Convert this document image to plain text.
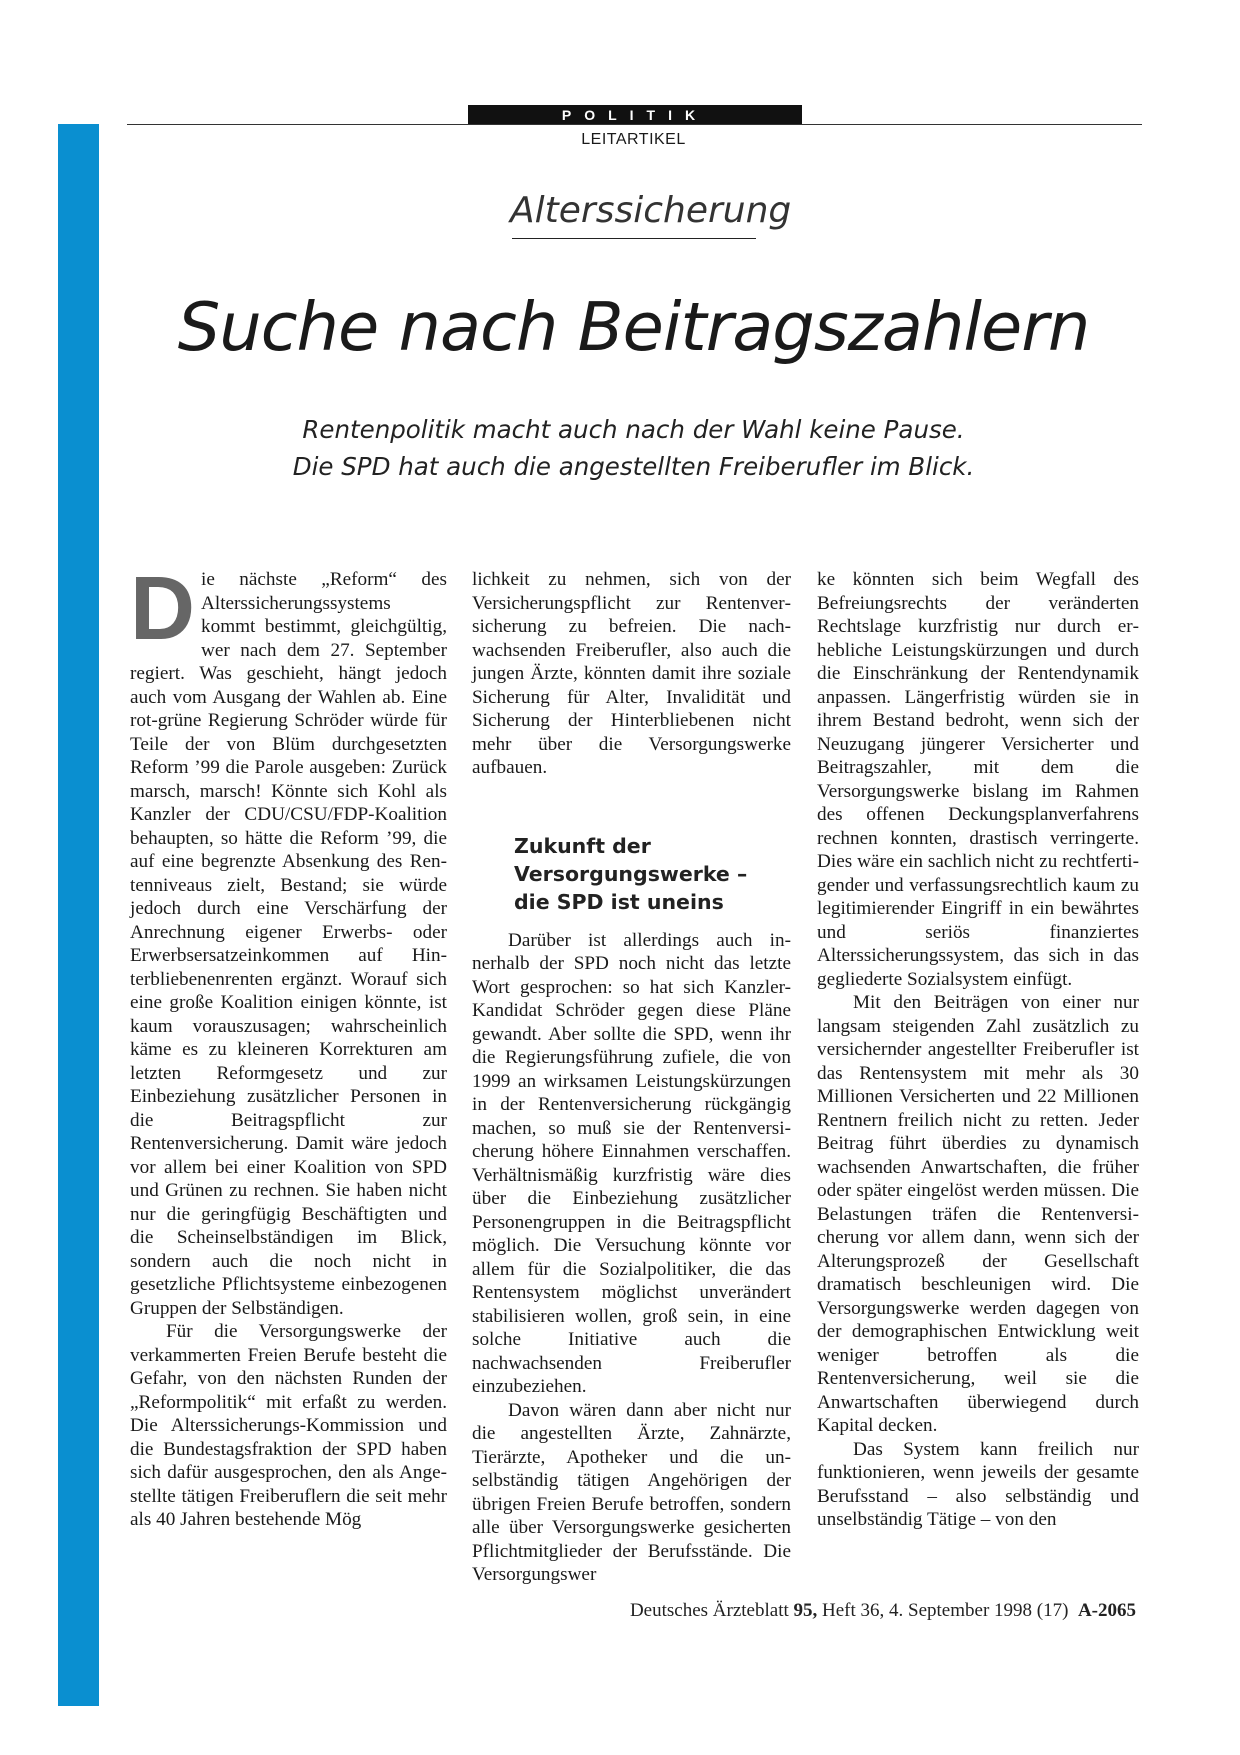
POLITIK
LEITARTIKEL
Alterssicherung
Suche nach Beitragszahlern
Rentenpolitik macht auch nach der Wahl keine Pause.
Die SPD hat auch die angestellten Freiberufler im Blick.

Die nächste „Reform“ des Alterssicherungssystems kommt bestimmt, gleichgültig, wer nach dem 27. September regiert. Was geschieht, hängt jedoch auch vom Ausgang der Wahlen ab. Eine rot-grüne Regierung Schröder würde für Teile der von Blüm durchgesetzten Reform ’99 die Parole ausgeben: Zurück marsch, marsch! Könnte sich Kohl als Kanzler der CDU/CSU/FDP-Koalition behaupten, so hätte die Reform ’99, die auf eine begrenzte Absenkung des Rentenniveaus zielt, Bestand; sie würde jedoch durch eine Verschärfung der Anrechnung eigener Erwerbs- oder Erwerbsersatzeinkommen auf Hinterbliebenenrenten ergänzt. Worauf sich eine große Koalition einigen könnte, ist kaum vorauszusagen; wahrscheinlich käme es zu kleineren Korrekturen am letzten Reformgesetz und zur Einbeziehung zusätzlicher Personen in die Beitragspflicht zur Rentenversicherung. Damit wäre jedoch vor allem bei einer Koalition von SPD und Grünen zu rechnen. Sie haben nicht nur die geringfügig Beschäftigten und die Scheinselbständigen im Blick, sondern auch die noch nicht in gesetzliche Pflichtsysteme einbezogenen Gruppen der Selbständigen.

Für die Versorgungswerke der verkammerten Freien Berufe besteht die Gefahr, von den nächsten Runden der „Reformpolitik“ mit erfaßt zu werden. Die Alterssicherungs-Kommission und die Bundestagsfraktion der SPD haben sich dafür ausgesprochen, den als Angestellte tätigen Freiberuflern die seit mehr als 40 Jahren bestehende Mög

lichkeit zu nehmen, sich von der Versicherungspflicht zur Rentenversicherung zu befreien. Die nachwachsenden Freiberufler, also auch die jungen Ärzte, könnten damit ihre soziale Sicherung für Alter, Invalidität und Sicherung der Hinterbliebenen nicht mehr über die Versorgungswerke aufbauen.

Zukunft der
Versorgungswerke –
die SPD ist uneins

Darüber ist allerdings auch innerhalb der SPD noch nicht das letzte Wort gesprochen: so hat sich Kanzler-Kandidat Schröder gegen diese Pläne gewandt. Aber sollte die SPD, wenn ihr die Regierungsführung zufiele, die von 1999 an wirksamen Leistungskürzungen in der Rentenversicherung rückgängig machen, so muß sie der Rentenversicherung höhere Einnahmen verschaffen. Verhältnismäßig kurzfristig wäre dies über die Einbeziehung zusätzlicher Personengruppen in die Beitragspflicht möglich. Die Versuchung könnte vor allem für die Sozialpolitiker, die das Rentensystem möglichst unverändert stabilisieren wollen, groß sein, in eine solche Initiative auch die nachwachsenden Freiberufler einzubeziehen.

Davon wären dann aber nicht nur die angestellten Ärzte, Zahnärzte, Tierärzte, Apotheker und die unselbständig tätigen Angehörigen der übrigen Freien Berufe betroffen, sondern alle über Versorgungswerke gesicherten Pflichtmitglieder der Berufsstände. Die Versorgungswer

ke könnten sich beim Wegfall des Befreiungsrechts der veränderten Rechtslage kurzfristig nur durch erhebliche Leistungskürzungen und durch die Einschränkung der Rentendynamik anpassen. Längerfristig würden sie in ihrem Bestand bedroht, wenn sich der Neuzugang jüngerer Versicherter und Beitragszahler, mit dem die Versorgungswerke bislang im Rahmen des offenen Deckungsplanverfahrens rechnen konnten, drastisch verringerte. Dies wäre ein sachlich nicht zu rechtfertigender und verfassungsrechtlich kaum zu legitimierender Eingriff in ein bewährtes und seriös finanziertes Alterssicherungssystem, das sich in das gegliederte Sozialsystem einfügt.

Mit den Beiträgen von einer nur langsam steigenden Zahl zusätzlich zu versichernder angestellter Freiberufler ist das Rentensystem mit mehr als 30 Millionen Versicherten und 22 Millionen Rentnern freilich nicht zu retten. Jeder Beitrag führt überdies zu dynamisch wachsenden Anwartschaften, die früher oder später eingelöst werden müssen. Die Belastungen träfen die Rentenversicherung vor allem dann, wenn sich der Alterungsprozeß der Gesellschaft dramatisch beschleunigen wird. Die Versorgungswerke werden dagegen von der demographischen Entwicklung weit weniger betroffen als die Rentenversicherung, weil sie die Anwartschaften überwiegend durch Kapital decken.

Das System kann freilich nur funktionieren, wenn jeweils der gesamte Berufsstand – also selbständig und unselbständig Tätige – von den

Deutsches Ärzteblatt 95, Heft 36, 4. September 1998 (17) A-2065
